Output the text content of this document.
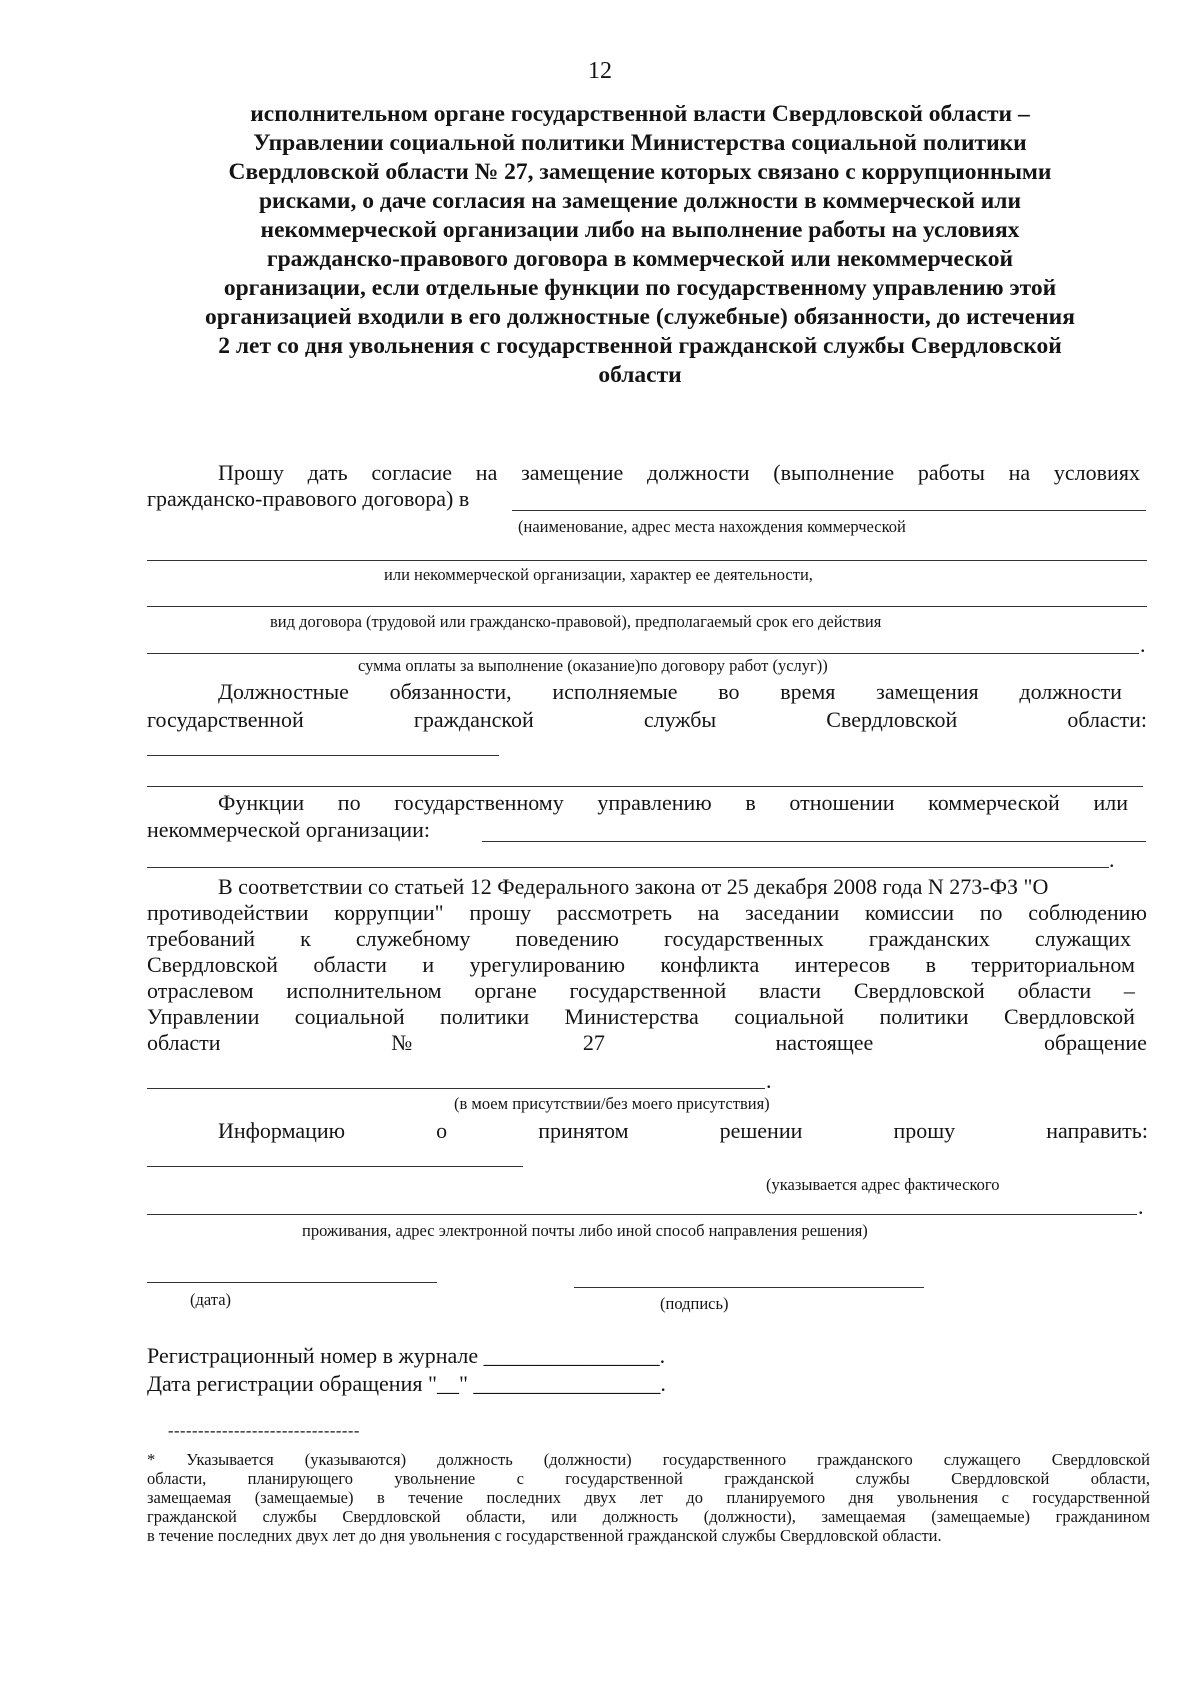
12
исполнительном органе государственной власти Свердловской области –
Управлении социальной политики Министерства социальной политики
Свердловской области № 27, замещение которых связано с коррупционными
рисками, о даче согласия на замещение должности в коммерческой или
некоммерческой организации либо на выполнение работы на условиях
гражданско-правового договора в коммерческой или некоммерческой
организации, если отдельные функции по государственному управлению этой
организацией входили в его должностные (служебные) обязанности, до истечения
2 лет со дня увольнения с государственной гражданской службы Свердловской
области
Прошу дать согласие на замещение должности (выполнение работы на условиях
гражданско-правового договора) в
(наименование, адрес места нахождения коммерческой
или некоммерческой организации, характер ее деятельности,
вид договора (трудовой или гражданско-правовой), предполагаемый срок его действия
.
сумма оплаты за выполнение (оказание)по договору работ (услуг))
Должностные обязанности, исполняемые во время замещения должности
государственной	гражданской	службы	Свердловской	области:
Функции по государственному управлению в отношении коммерческой или
некоммерческой организации:
.
.
(в моем присутствии/без моего присутствия)
Информацию	о	принятом	решении	прошу	направить:
(указывается адрес фактического
.
проживания, адрес электронной почты либо иной способ направления решения)
(дата)	(подпись)
Регистрационный номер в журнале ________________.
Дата регистрации обращения "__" _________________.
--------------------------------
* Указывается (указываются) должность (должности) государственного гражданского служащего Свердловской
области, планирующего увольнение с государственной гражданской службы Свердловской области,
замещаемая (замещаемые) в течение последних двух лет до планируемого дня увольнения с государственной
гражданской службы Свердловской области, или должность (должности), замещаемая (замещаемые) гражданином
в течение последних двух лет до дня увольнения с государственной гражданской службы Свердловской области.
В соответствии со статьей 12 Федерального закона от 25 декабря 2008 года N 273-ФЗ "О
противодействии коррупции" прошу рассмотреть на заседании комиссии по соблюдению
требований к служебному поведению государственных гражданских служащих
Свердловской области и урегулированию конфликта интересов в территориальном
отраслевом исполнительном органе государственной власти Свердловской области –
Управлении социальной политики Министерства социальной политики Свердловской
области	№	27	настоящее	обращение
